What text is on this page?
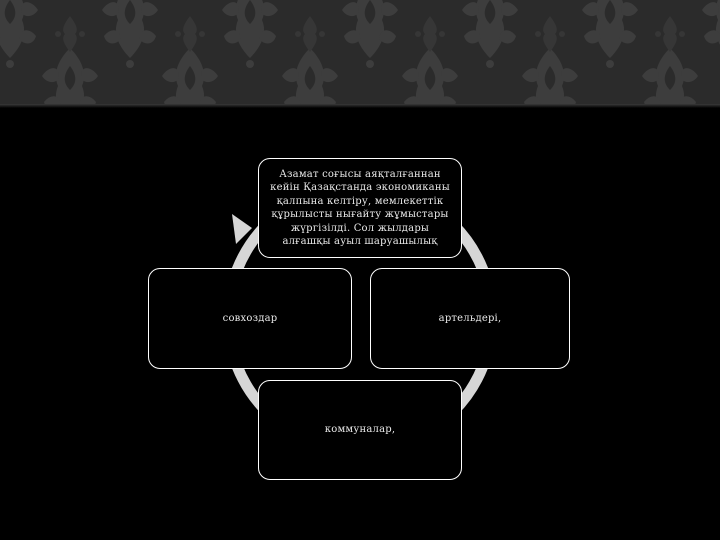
Азамат соғысы аяқталғаннан кейін Қазақстанда экономиканы қалпына келтіру, мемлекеттік құрылысты нығайту жұмыстары жүргізілді. Сол жылдары алғашқы ауыл шаруашылық
артельдері,
коммуналар,
совхоздар
